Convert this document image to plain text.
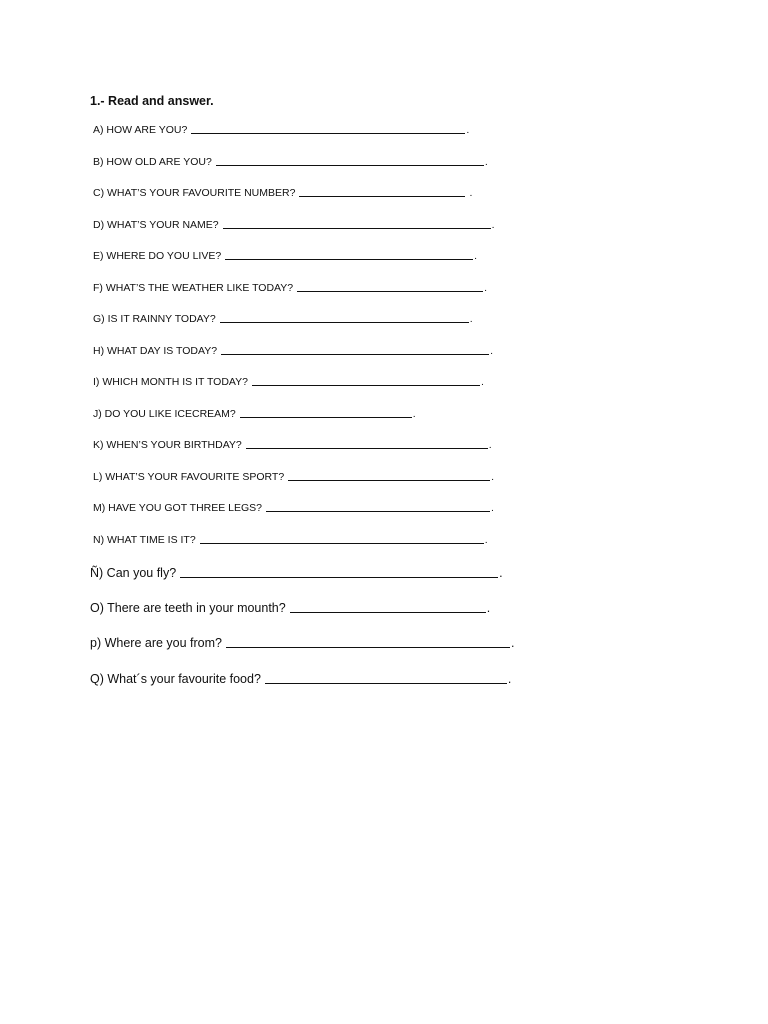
1.- Read and answer.
A) HOW ARE YOU?	.
B) HOW OLD ARE YOU?	.
C) WHAT’S YOUR FAVOURITE NUMBER?	.
D) WHAT’S YOUR NAME?	.
E) WHERE DO YOU LIVE?	.
F) WHAT’S THE WEATHER LIKE TODAY?	.
G) IS IT RAINNY TODAY?	.
H) WHAT DAY IS TODAY?	.
I) WHICH MONTH IS IT TODAY?	.
J) DO YOU LIKE ICECREAM?	.
K) WHEN’S YOUR BIRTHDAY?	.
L) WHAT’S YOUR FAVOURITE SPORT?	.
M) HAVE YOU GOT THREE LEGS?	.
N) WHAT TIME IS IT?	.
Ñ) Can you fly?	.
O) There are teeth in your mounth?	.
p) Where are you from?	.
Q) What´s your favourite food?	.
